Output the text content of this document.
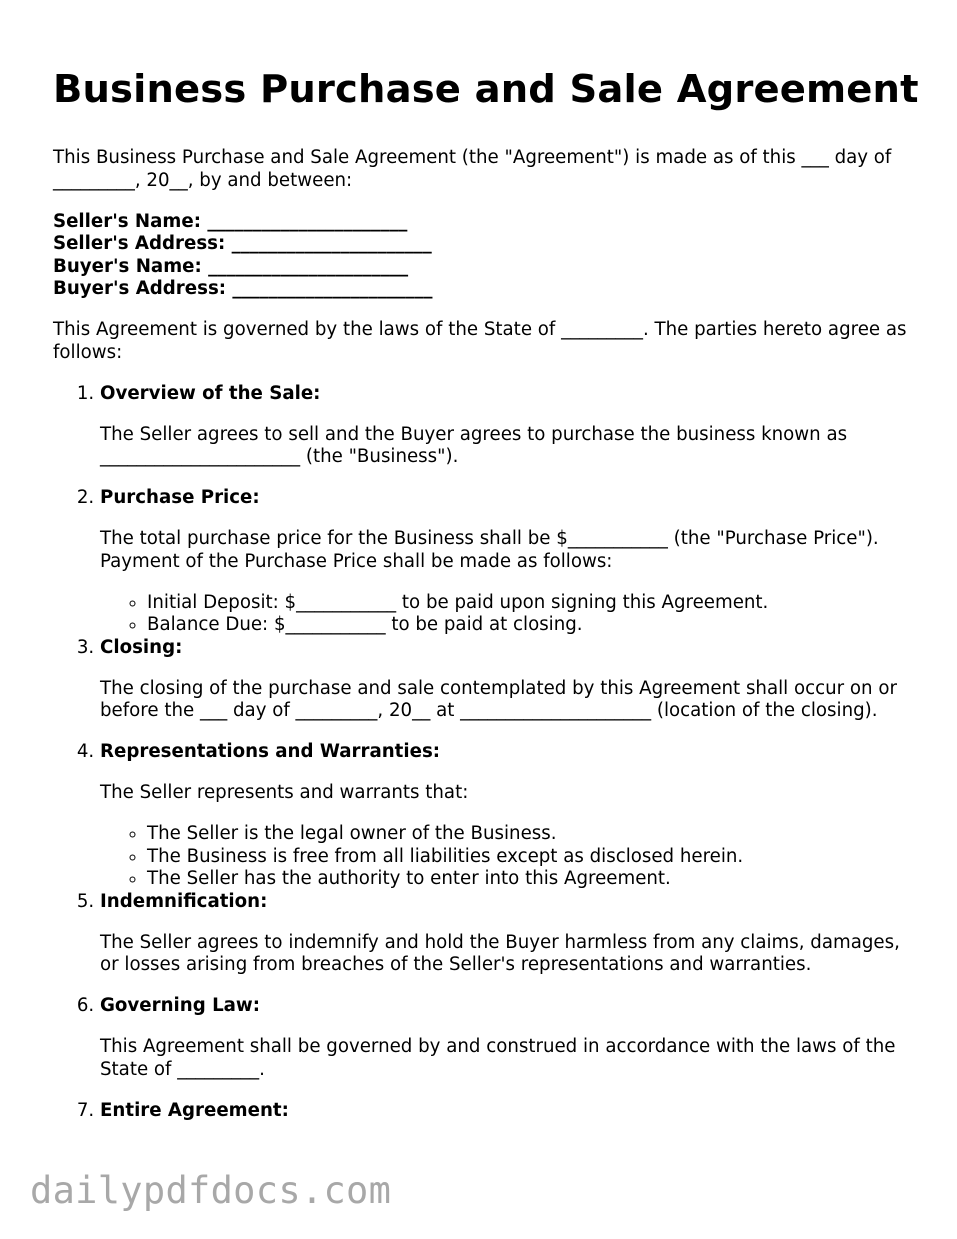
Business Purchase and Sale Agreement

This Business Purchase and Sale Agreement (the "Agreement") is made as of this ___ day of _________, 20__, by and between:

Seller's Name: ______________________
Seller's Address: ______________________
Buyer's Name: ______________________
Buyer's Address: ______________________

This Agreement is governed by the laws of the State of _________. The parties hereto agree as follows:

1. Overview of the Sale:

The Seller agrees to sell and the Buyer agrees to purchase the business known as ______________________ (the "Business").

2. Purchase Price:

The total purchase price for the Business shall be $___________ (the "Purchase Price"). Payment of the Purchase Price shall be made as follows:

◦ Initial Deposit: $___________ to be paid upon signing this Agreement.
◦ Balance Due: $___________ to be paid at closing.
3. Closing:

The closing of the purchase and sale contemplated by this Agreement shall occur on or before the ___ day of _________, 20__ at _____________________ (location of the closing).

4. Representations and Warranties:

The Seller represents and warrants that:

◦ The Seller is the legal owner of the Business.
◦ The Business is free from all liabilities except as disclosed herein.
◦ The Seller has the authority to enter into this Agreement.
5. Indemnification:

The Seller agrees to indemnify and hold the Buyer harmless from any claims, damages, or losses arising from breaches of the Seller's representations and warranties.

6. Governing Law:

This Agreement shall be governed by and construed in accordance with the laws of the State of _________.

7. Entire Agreement:
dailypdfdocs.com
